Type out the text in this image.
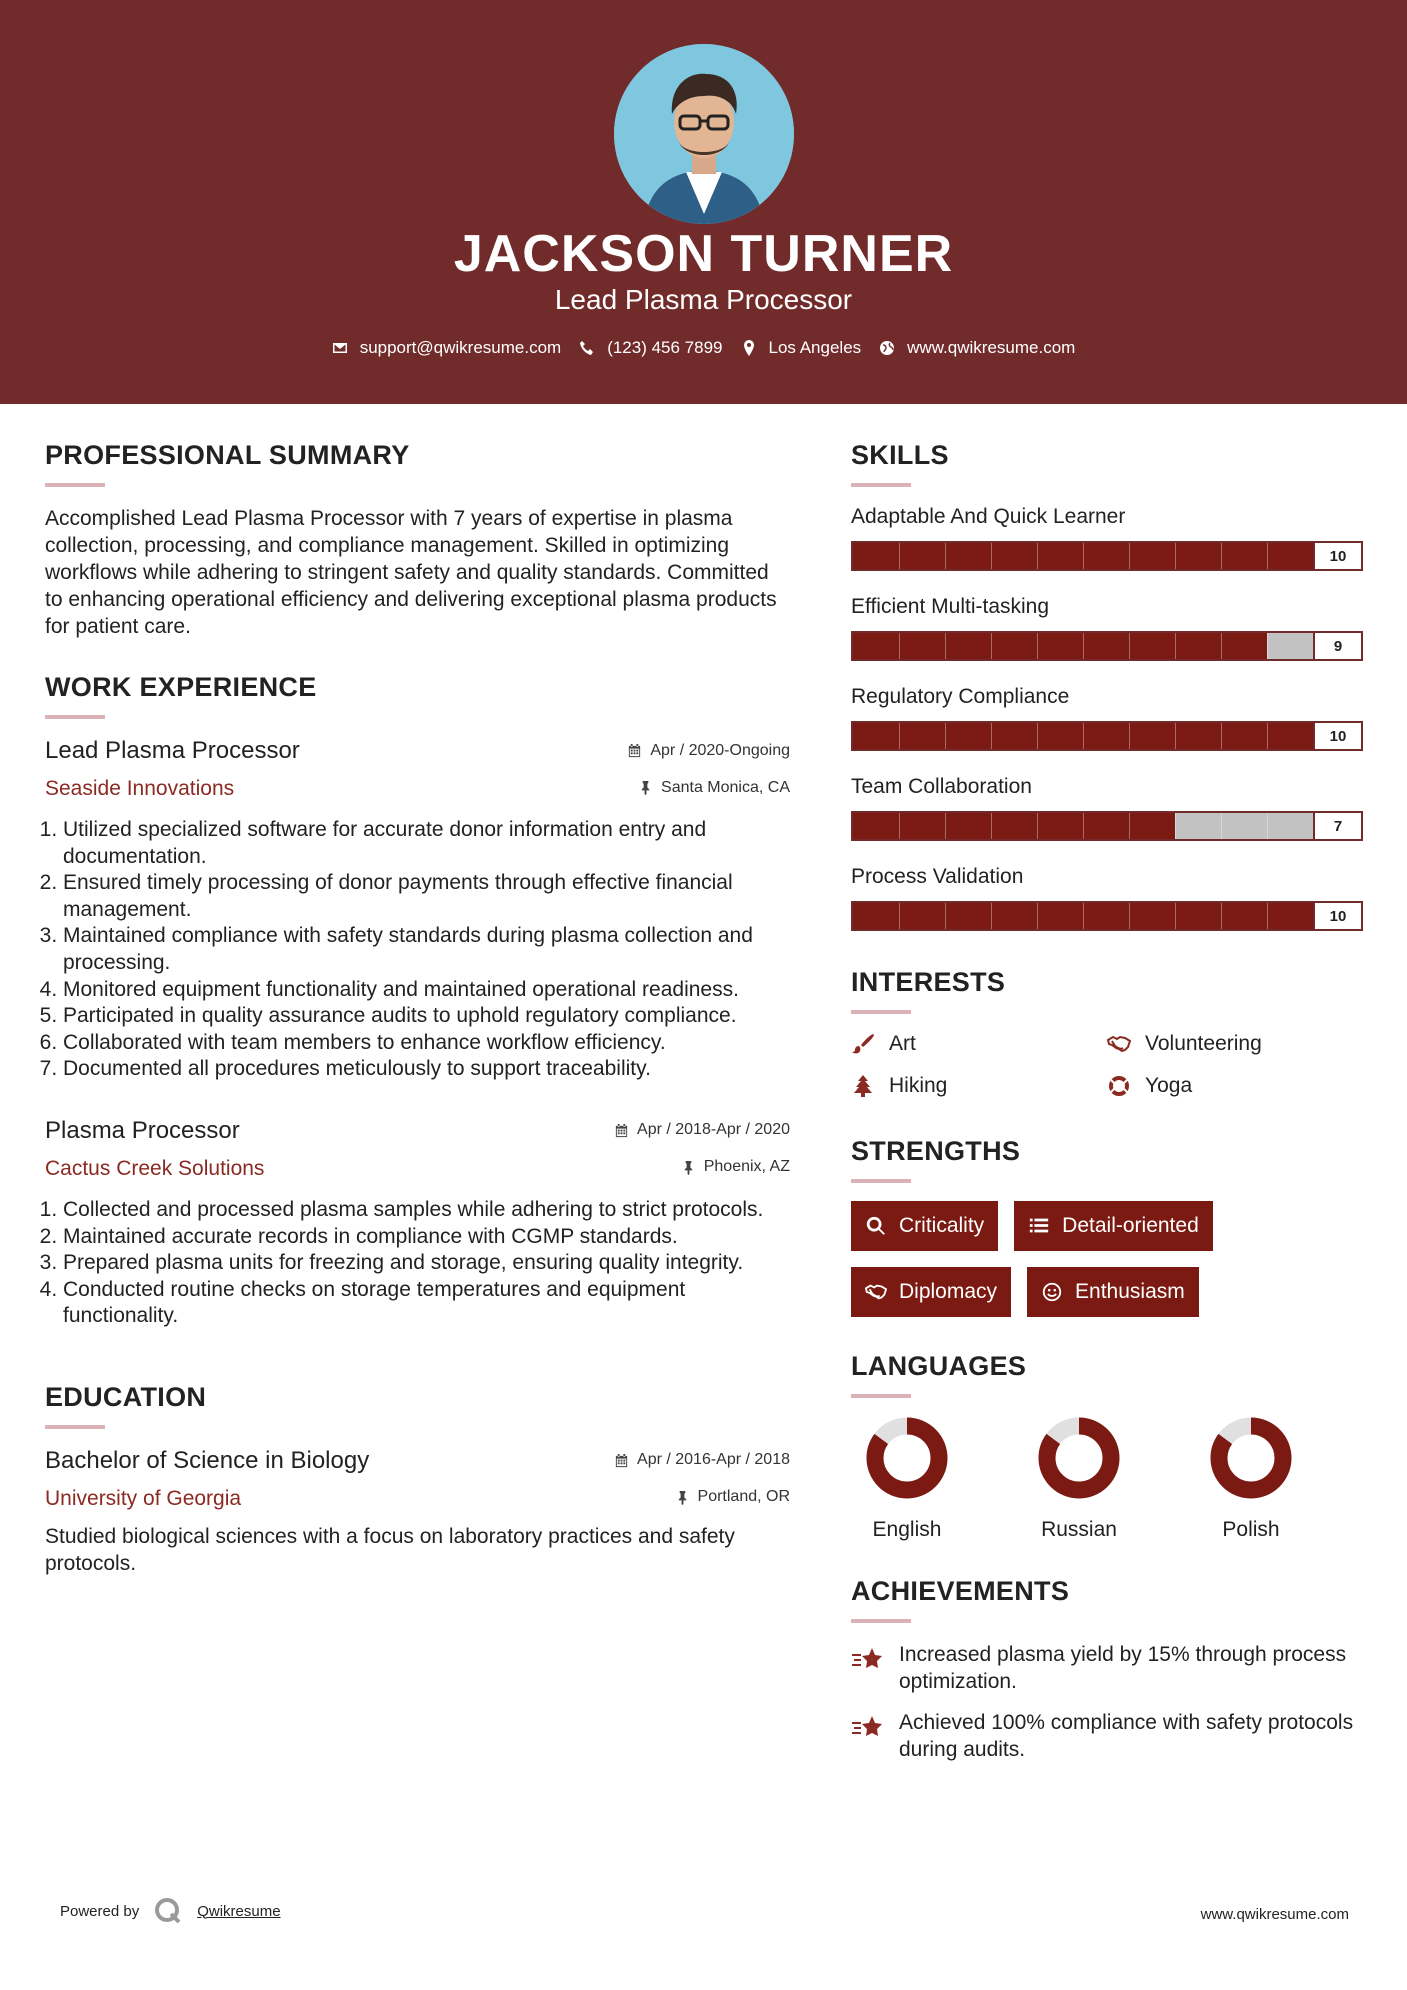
JACKSON TURNER
Lead Plasma Processor
support@qwikresume.com	(123) 456 7899	Los Angeles	www.qwikresume.com
PROFESSIONAL SUMMARY
Accomplished Lead Plasma Processor with 7 years of expertise in plasma collection, processing, and compliance management. Skilled in optimizing workflows while adhering to stringent safety and quality standards. Committed to enhancing operational efficiency and delivering exceptional plasma products for patient care.
WORK EXPERIENCE
Lead Plasma Processor	Apr / 2020-Ongoing
Seaside Innovations	Santa Monica, CA
1. Utilized specialized software for accurate donor information entry and documentation.
2. Ensured timely processing of donor payments through effective financial management.
3. Maintained compliance with safety standards during plasma collection and processing.
4. Monitored equipment functionality and maintained operational readiness.
5. Participated in quality assurance audits to uphold regulatory compliance.
6. Collaborated with team members to enhance workflow efficiency.
7. Documented all procedures meticulously to support traceability.
Plasma Processor	Apr / 2018-Apr / 2020
Cactus Creek Solutions	Phoenix, AZ
1. Collected and processed plasma samples while adhering to strict protocols.
2. Maintained accurate records in compliance with CGMP standards.
3. Prepared plasma units for freezing and storage, ensuring quality integrity.
4. Conducted routine checks on storage temperatures and equipment functionality.
EDUCATION
Bachelor of Science in Biology	Apr / 2016-Apr / 2018
University of Georgia	Portland, OR
Studied biological sciences with a focus on laboratory practices and safety protocols.
SKILLS
Adaptable And Quick Learner
10
Efficient Multi-tasking
9
Regulatory Compliance
10
Team Collaboration
7
Process Validation
10
INTERESTS
Art	Volunteering
Hiking	Yoga
STRENGTHS
Criticality	Detail-oriented
Diplomacy	Enthusiasm
LANGUAGES
English	Russian	Polish
ACHIEVEMENTS
Increased plasma yield by 15% through process optimization.
Achieved 100% compliance with safety protocols during audits.
Powered by	Qwikresume	www.qwikresume.com
